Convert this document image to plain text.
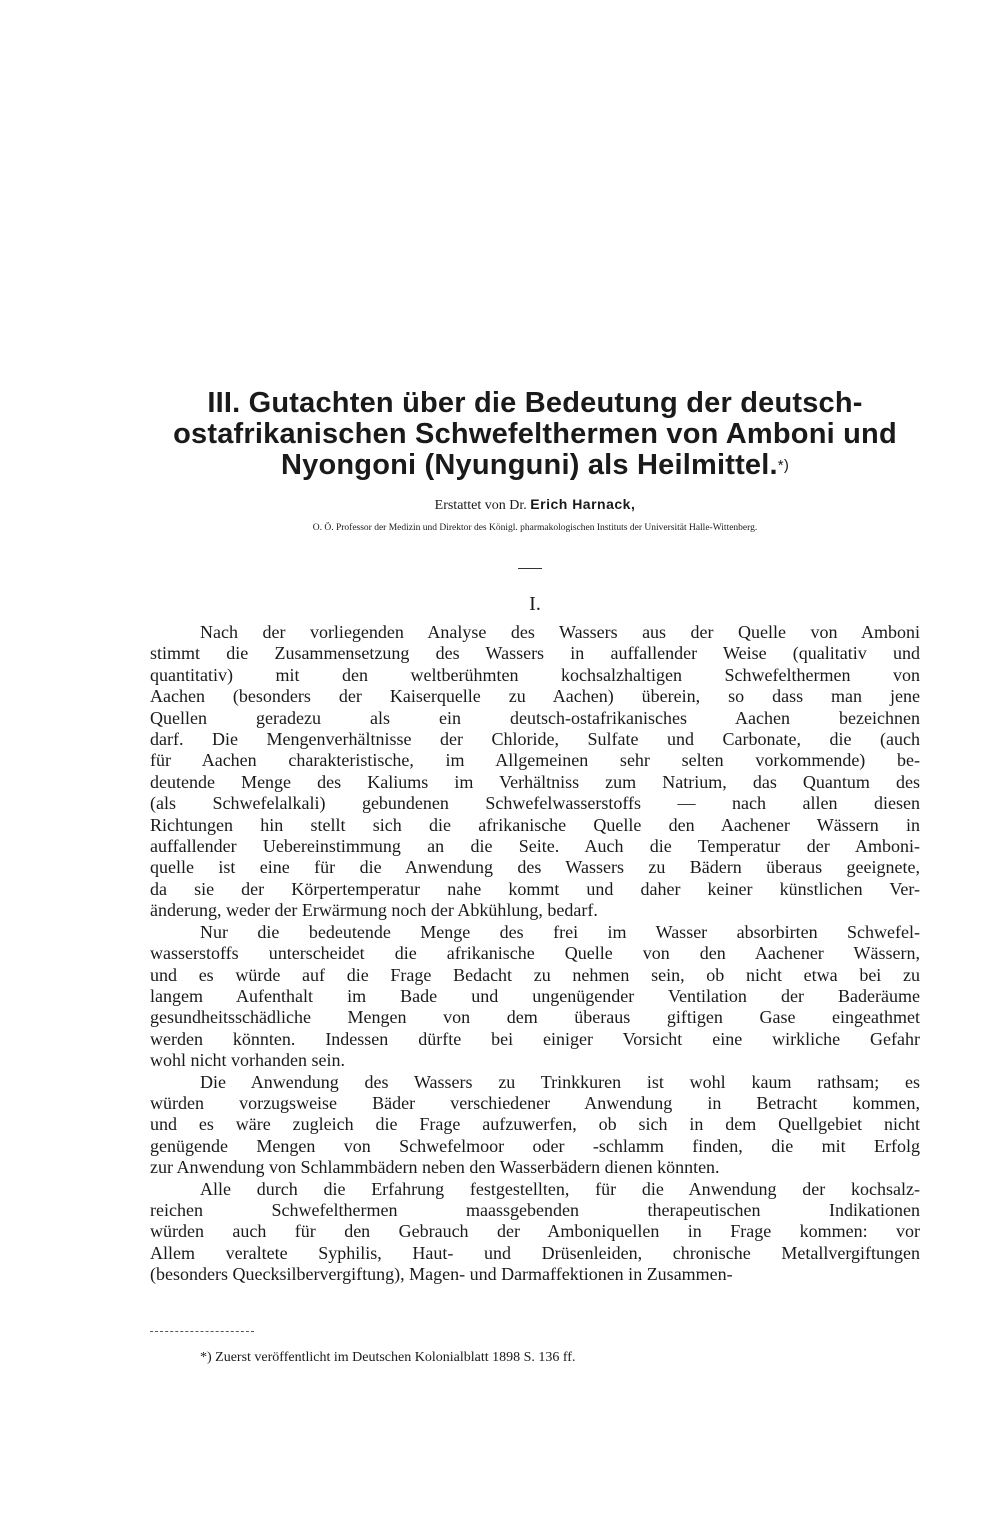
III. Gutachten über die Bedeutung der deutsch-
ostafrikanischen Schwefelthermen von Amboni und
Nyongoni (Nyunguni) als Heilmittel.*)
Erstattet von Dr. Erich Harnack,
O. Ö. Professor der Medizin und Direktor des Königl. pharmakologischen Instituts der Universität Halle-Wittenberg.
I.
Nach der vorliegenden Analyse des Wassers aus der Quelle von Amboni
stimmt die Zusammensetzung des Wassers in auffallender Weise (qualitativ und
quantitativ) mit den weltberühmten kochsalzhaltigen Schwefelthermen von
Aachen (besonders der Kaiserquelle zu Aachen) überein, so dass man jene
Quellen geradezu als ein deutsch-ostafrikanisches Aachen bezeichnen
darf. Die Mengenverhältnisse der Chloride, Sulfate und Carbonate, die (auch
für Aachen charakteristische, im Allgemeinen sehr selten vorkommende) be-
deutende Menge des Kaliums im Verhältniss zum Natrium, das Quantum des
(als Schwefelalkali) gebundenen Schwefelwasserstoffs — nach allen diesen
Richtungen hin stellt sich die afrikanische Quelle den Aachener Wässern in
auffallender Uebereinstimmung an die Seite. Auch die Temperatur der Amboni-
quelle ist eine für die Anwendung des Wassers zu Bädern überaus geeignete,
da sie der Körpertemperatur nahe kommt und daher keiner künstlichen Ver-
änderung, weder der Erwärmung noch der Abkühlung, bedarf.
Nur die bedeutende Menge des frei im Wasser absorbirten Schwefel-
wasserstoffs unterscheidet die afrikanische Quelle von den Aachener Wässern,
und es würde auf die Frage Bedacht zu nehmen sein, ob nicht etwa bei zu
langem Aufenthalt im Bade und ungenügender Ventilation der Baderäume
gesundheitsschädliche Mengen von dem überaus giftigen Gase eingeathmet
werden könnten. Indessen dürfte bei einiger Vorsicht eine wirkliche Gefahr
wohl nicht vorhanden sein.
Die Anwendung des Wassers zu Trinkkuren ist wohl kaum rathsam; es
würden vorzugsweise Bäder verschiedener Anwendung in Betracht kommen,
und es wäre zugleich die Frage aufzuwerfen, ob sich in dem Quellgebiet nicht
genügende Mengen von Schwefelmoor oder -schlamm finden, die mit Erfolg
zur Anwendung von Schlammbädern neben den Wasserbädern dienen könnten.
Alle durch die Erfahrung festgestellten, für die Anwendung der kochsalz-
reichen Schwefelthermen maassgebenden therapeutischen Indikationen
würden auch für den Gebrauch der Amboniquellen in Frage kommen: vor
Allem veraltete Syphilis, Haut- und Drüsenleiden, chronische Metallvergiftungen
(besonders Quecksilbervergiftung), Magen- und Darmaffektionen in Zusammen-
*) Zuerst veröffentlicht im Deutschen Kolonialblatt 1898 S. 136 ff.
